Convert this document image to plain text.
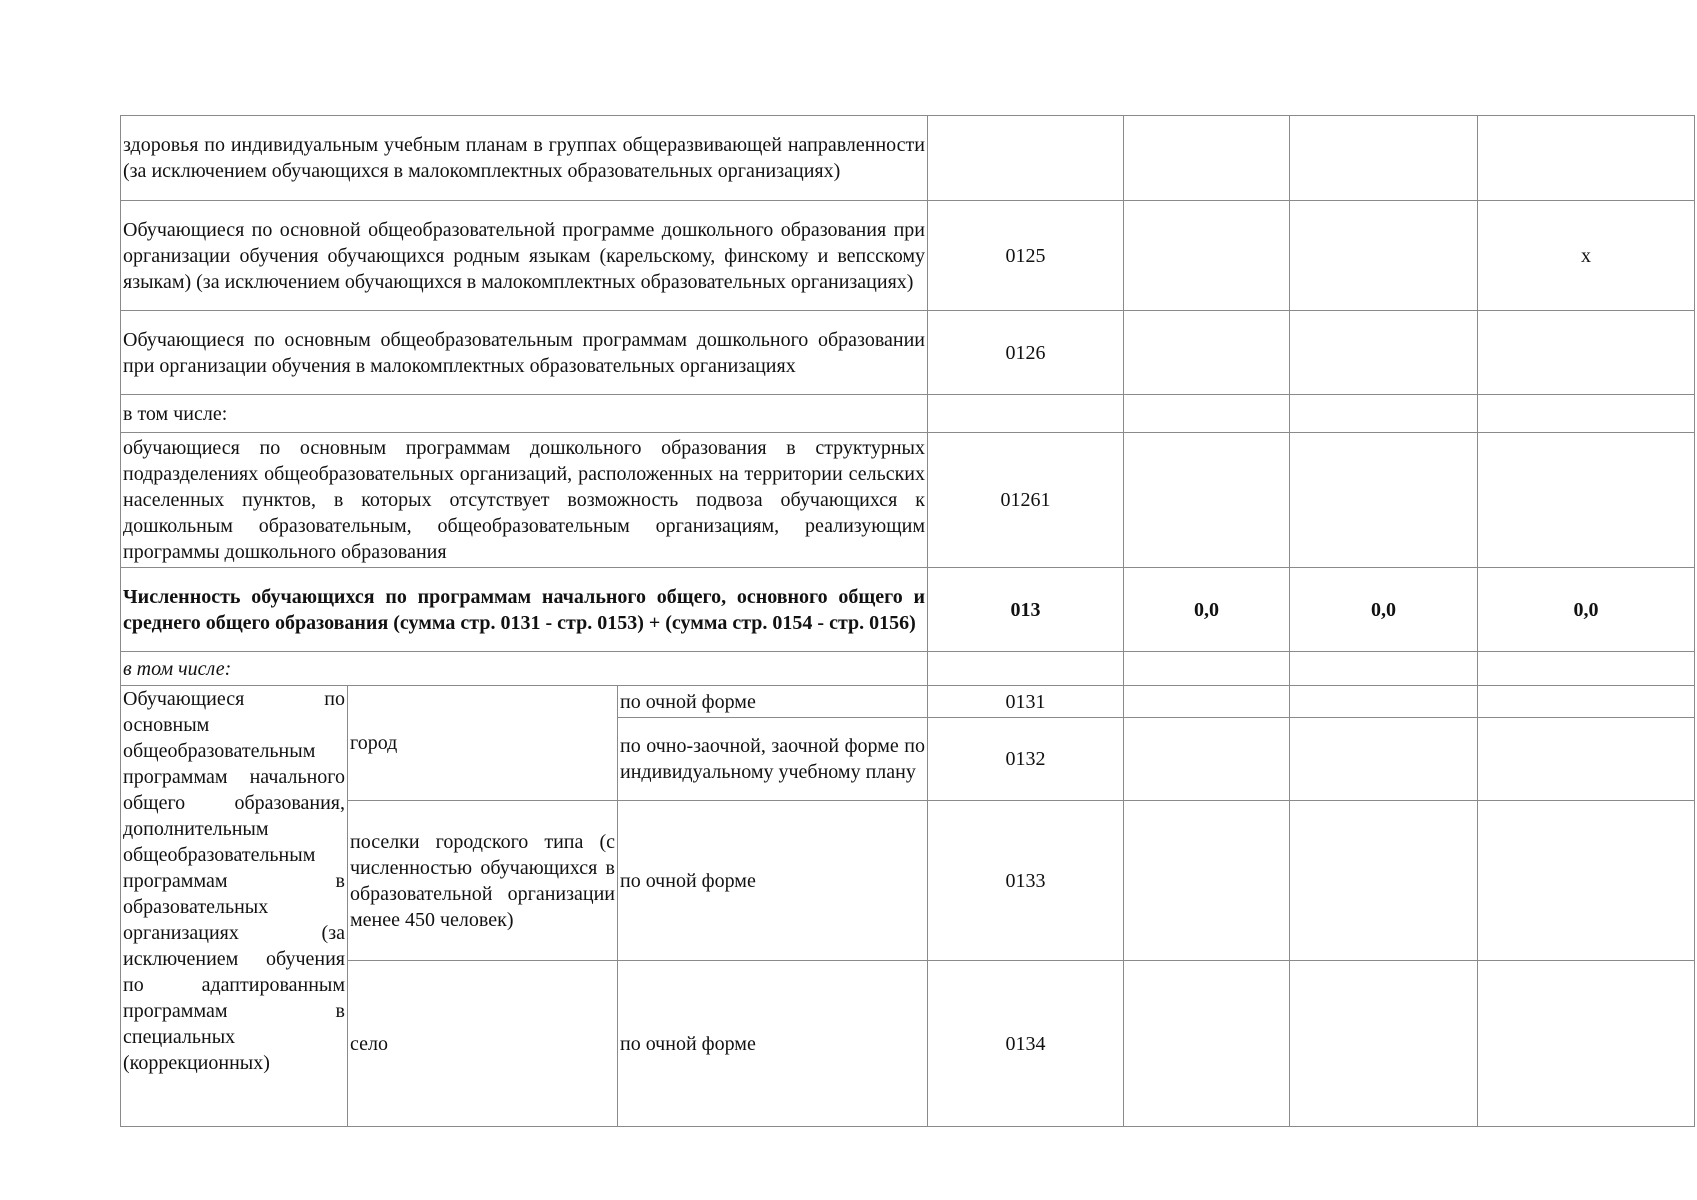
здоровья по индивидуальным учебным планам в группах общеразвивающей направленности (за исключением обучающихся в малокомплектных образовательных организациях)						
Обучающиеся по основной общеобразовательной программе дошкольного образования при организации обучения обучающихся родным языкам (карельскому, финскому и вепсскому языкам) (за исключением обучающихся в малокомплектных образовательных организациях)			0125			x
Обучающиеся по основным общеобразовательным программам дошкольного образовании при организации обучения в малокомплектных образовательных организациях			0126			
в том числе:						
обучающиеся по основным программам дошкольного образования в структурных подразделениях общеобразовательных организаций, расположенных на территории сельских населенных пунктов, в которых отсутствует возможность подвоза обучающихся к дошкольным образовательным, общеобразовательным организациям, реализующим программы дошкольного образования			01261			
Численность обучающихся по программам начального общего, основного общего и среднего общего образования (сумма стр. 0131 - стр. 0153) + (сумма стр. 0154 - стр. 0156)			013	0,0	0,0	0,0
в том числе:						
Обучающиеся по основным общеобразовательным программам начального общего образования, дополнительным общеобразовательным программам в образовательных организациях (за исключением обучения по адаптированным программам в специальных (коррекционных)	город	по очной форме	0131			
		по очно-заочной, заочной форме по индивидуальному учебному плану	0132			
	поселки городского типа (с численностью обучающихся в образовательной организации менее 450 человек)	по очной форме	0133			
	село	по очной форме	0134			
